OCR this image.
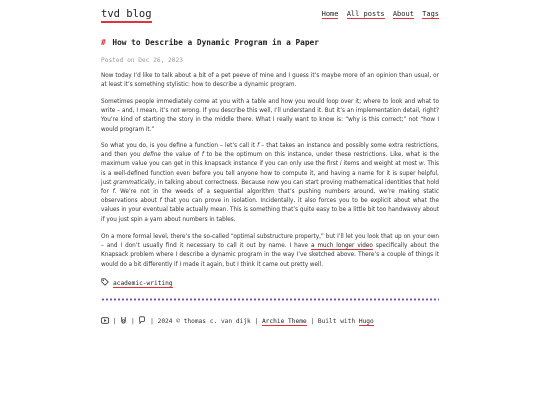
tvd blog	Home All posts About Tags
# How to Describe a Dynamic Program in a Paper
Posted on Dec 26, 2023

Now today I’d like to talk about a bit of a pet peeve of mine and I guess it’s maybe more of an opinion than usual, or at least it’s something stylistic: how to describe a dynamic program.

Sometimes people immediately come at you with a table and how you would loop over it; where to look and what to write – and, I mean, it’s not wrong. If you describe this well, I’ll understand it. But it’s an implementation detail, right? You’re kind of starting the story in the middle there. What I really want to know is: “why is this correct;” not “how I would program it.”

So what you do, is you define a function – let’s call it f – that takes an instance and possibly some extra restrictions, and then you define the value of f to be the optimum on this instance, under these restrictions. Like, what is the maximum value you can get in this knapsack instance if you can only use the first i items and weight at most w. This is a well-defined function even before you tell anyone how to compute it, and having a name for it is super helpful, just grammatically, in talking about correctness. Because now you can start proving mathematical identities that hold for f. We’re not in the weeds of a sequential algorithm that’s pushing numbers around, we’re making static observations about f that you can prove in isolation. Incidentally, it also forces you to be explicit about what the values in your eventual table actually mean. This is something that’s quite easy to be a little bit too handwavey about if you just spin a yarn about numbers in tables.

On a more formal level, there’s the so-called “optimal substructure property,” but I’ll let you look that up on your own – and I don’t usually find it necessary to call it out by name. I have a much longer video specifically about the Knapsack problem where I describe a dynamic program in the way I’ve sketched above. There’s a couple of things it would do a bit differently if I made it again, but I think it came out pretty well.

academic-writing
| | | 2024 © thomas c. van dijk | Archie Theme | Built with Hugo
